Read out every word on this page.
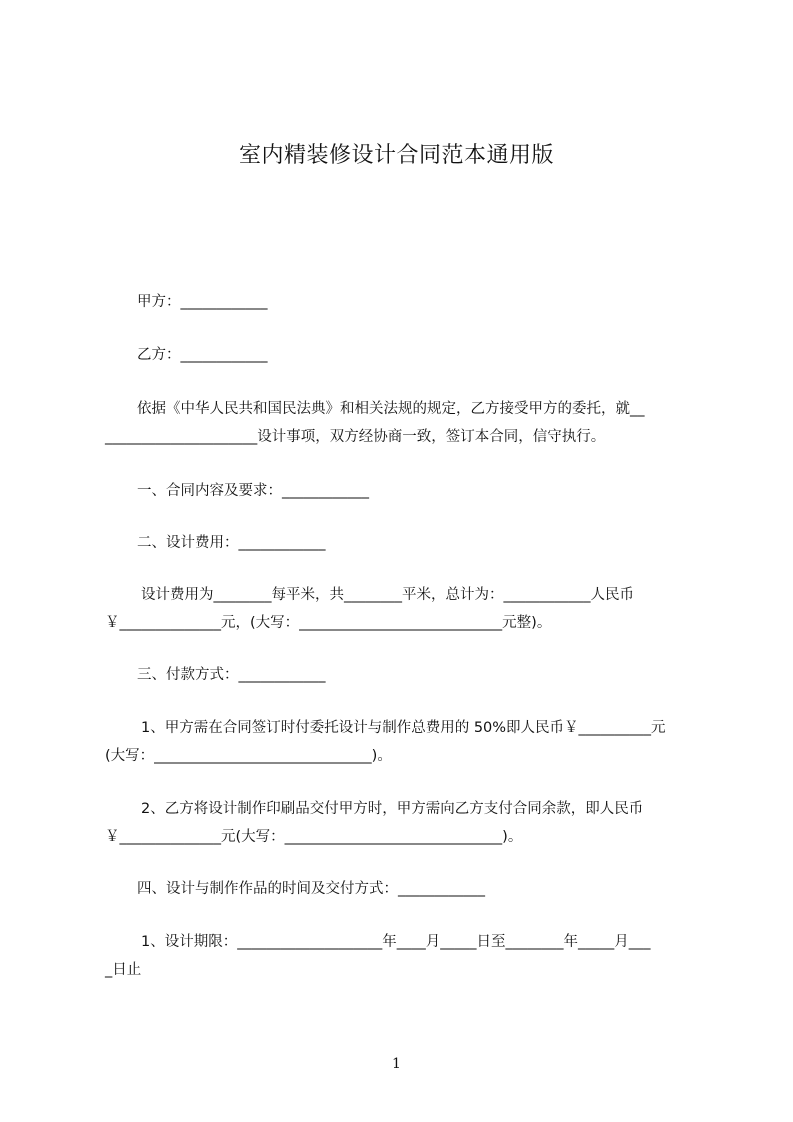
室内精装修设计合同范本通用版
甲方：____________
乙方：____________
依据《中华人民共和国民法典》和相关法规的规定，乙方接受甲方的委托，就__
_____________________设计事项，双方经协商一致，签订本合同，信守执行。
一、合同内容及要求：____________
二、设计费用：____________
设计费用为________每平米，共________平米，总计为：____________人民币
￥______________元，(大写：____________________________元整)。
三、付款方式：____________
1、甲方需在合同签订时付委托设计与制作总费用的 50%即人民币￥__________元
(大写：______________________________)。
2、乙方将设计制作印刷品交付甲方时，甲方需向乙方支付合同余款，即人民币
￥______________元(大写：______________________________)。
四、设计与制作作品的时间及交付方式：____________
1、设计期限：____________________年____月_____日至________年_____月___
_日止
1
